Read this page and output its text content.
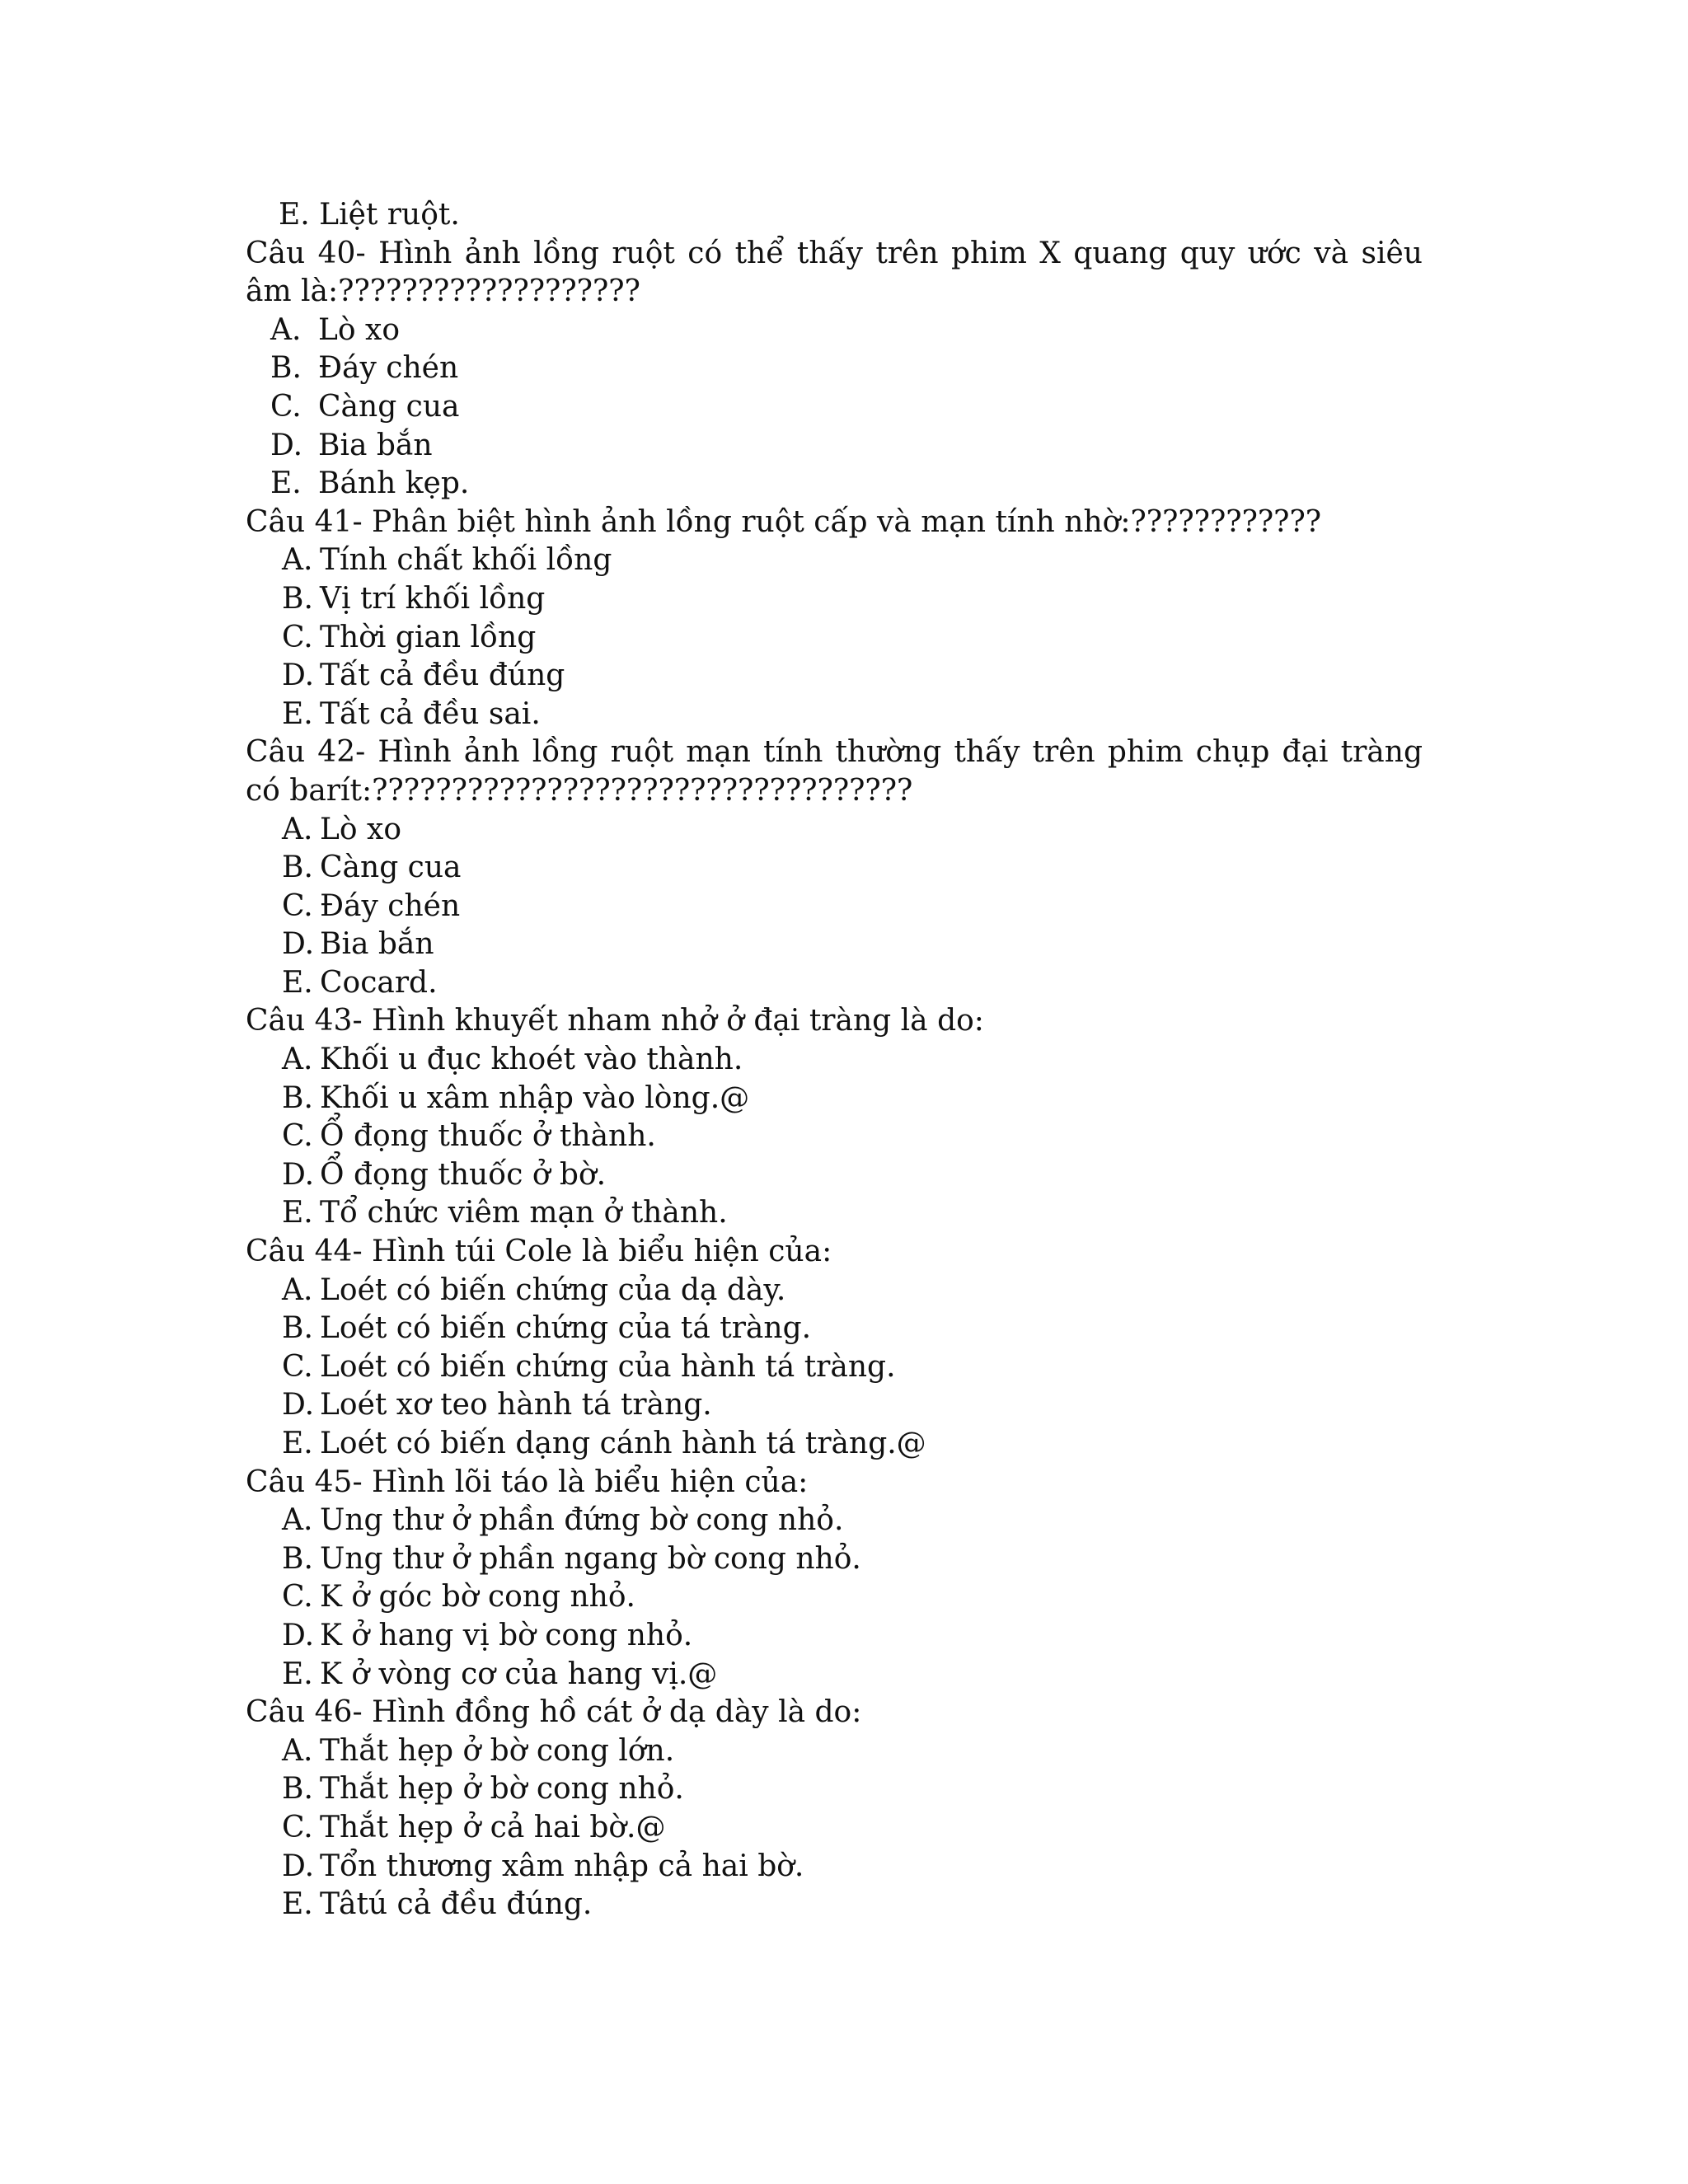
E. Liệt ruột.
Câu 40- Hình ảnh lồng ruột có thể thấy trên phim X quang quy ước và siêu âm là:???????????????????
A. Lò xo
B. Đáy chén
C. Càng cua
D. Bia bắn
E. Bánh kẹp.
Câu 41- Phân biệt hình ảnh lồng ruột cấp và mạn tính nhờ:????????????
A. Tính chất khối lồng
B. Vị trí khối lồng
C. Thời gian lồng
D. Tất cả đều đúng
E. Tất cả đều sai.
Câu 42- Hình ảnh lồng ruột mạn tính thường thấy trên phim chụp đại tràng có barít:??????????????????????????????????
A. Lò xo
B. Càng cua
C. Đáy chén
D. Bia bắn
E. Cocard.
Câu 43- Hình khuyết nham nhở ở đại tràng là do:
A. Khối u đục khoét vào thành.
B. Khối u xâm nhập vào lòng.@
C. Ổ đọng thuốc ở thành.
D. Ổ đọng thuốc ở bờ.
E. Tổ chức viêm mạn ở thành.
Câu 44- Hình túi Cole là biểu hiện của:
A. Loét có biến chứng của dạ dày.
B. Loét có biến chứng của tá tràng.
C. Loét có biến chứng của hành tá tràng.
D. Loét xơ teo hành tá tràng.
E. Loét có biến dạng cánh hành tá tràng.@
Câu 45- Hình lõi táo là biểu hiện của:
A. Ung thư ở phần đứng bờ cong nhỏ.
B. Ung thư ở phần ngang bờ cong nhỏ.
C. K ở góc bờ cong nhỏ.
D. K ở hang vị bờ cong nhỏ.
E. K ở vòng cơ của hang vị.@
Câu 46- Hình đồng hồ cát ở dạ dày là do:
A. Thắt hẹp ở bờ cong lớn.
B. Thắt hẹp ở bờ cong nhỏ.
C. Thắt hẹp ở cả hai bờ.@
D. Tổn thương xâm nhập cả hai bờ.
E. Tâtú cả đều đúng.
